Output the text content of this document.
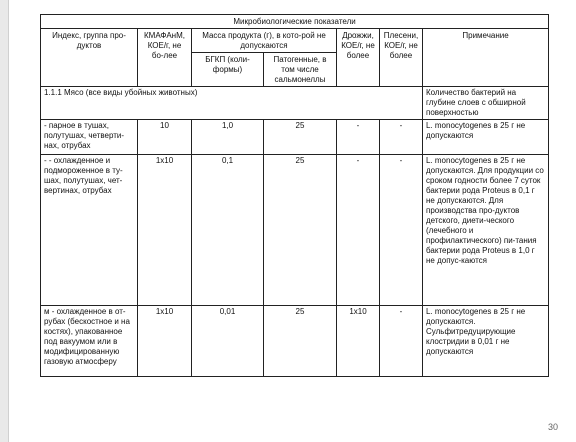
Микробиологические показатели						
Индекс, группа про-дуктов	КМАФАнМ, КОЕ/г, не бо-лее	Масса продукта (г), в кото-рой не допускаются		Дрожжи, КОЕ/г, не более	Плесени, КОЕ/г, не более	Примечание
		БГКП (коли-формы)	Патогенные, в том числе сальмонеллы			
1.1.1 Мясо (все виды убойных животных)						Количество бактерий на глубине слоев с обширной поверхностью
- парное в тушах, полутушах, четверти-нах, отрубах	10	1,0	25	-	-	L. monocytogenes в 25 г не допускаются
- - охлажденное и подмороженное в ту-шах, полутушах, чет-вертинах, отрубах	1х10	0,1	25	-	-	L. monocytogenes в 25 г не допускаются. Для продукции со сроком годности более 7 суток бактерии рода Proteus в 0,1 г не допускаются. Для производства про-дуктов детского, диети-ческого (лечебного и профилактического) пи-тания бактерии рода Proteus в 1,0 г не допус-каются
м - охлажденное в от-рубах (бескостное и на костях), упакованное под вакуумом или в модифицированную газовую атмосферу	1х10	0,01	25	1х10	-	L. monocytogenes в 25 г не допускаются. Сульфитредуцирующие клостридии в 0,01 г не допускаются
30
